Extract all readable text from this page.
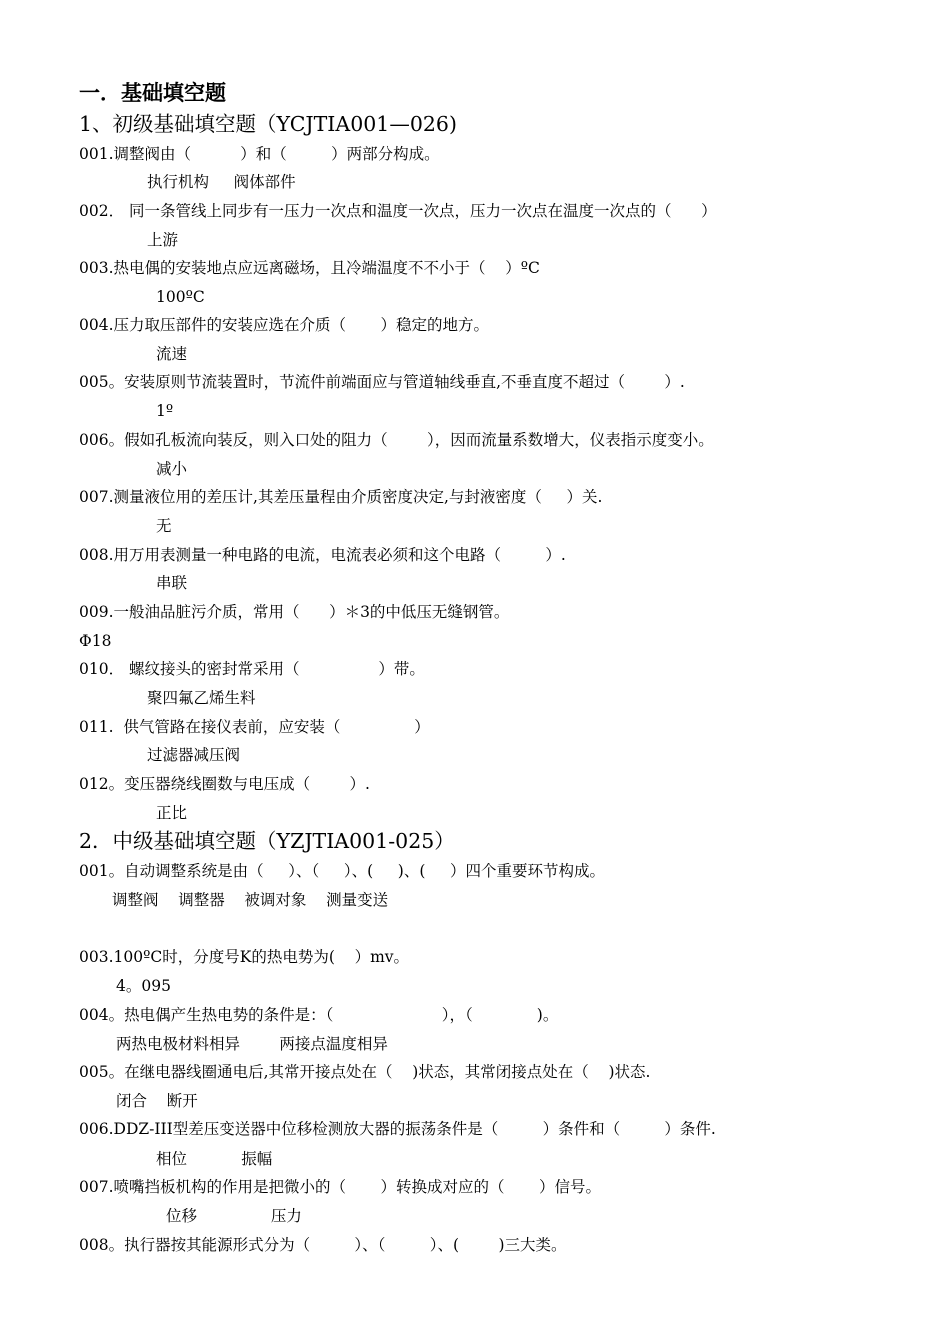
一．基础填空题
1、初级基础填空题（YCJTIA001—026)
001.调整阀由（          ）和（         ）两部分构成。
执行机构     阀体部件
002． 同一条管线上同步有一压力一次点和温度一次点，压力一次点在温度一次点的（      ）
上游
003.热电偶的安装地点应远离磁场，且冷端温度不不小于（    ）ºC
100ºC
004.压力取压部件的安装应选在介质（       ）稳定的地方。
流速
005。安装原则节流装置时，节流件前端面应与管道轴线垂直,不垂直度不超过（        ）.
1º
006。假如孔板流向装反，则入口处的阻力（        ），因而流量系数增大，仪表指示度变小。
减小
007.测量液位用的差压计,其差压量程由介质密度决定,与封液密度（     ）关.
无
008.用万用表测量一种电路的电流，电流表必须和这个电路（         ）.
串联
009.一般油品脏污介质，常用（      ）＊3的中低压无缝钢管。
Φ18
010． 螺纹接头的密封常采用（                ）带。
聚四氟乙烯生料
011.  供气管路在接仪表前，应安装（               ）
过滤器减压阀
012。变压器绕线圈数与电压成（        ）.
正比
2．中级基础填空题（YZJTIA001-025）
001。自动调整系统是由（     ）、（     ）、(     )、(     ）四个重要环节构成。
调整阀    调整器    被调对象    测量变送
003.100ºC时，分度号K的热电势为(    ）mv。
4。095
004。热电偶产生热电势的条件是：（                      ），（             )。
两热电极材料相异        两接点温度相异
005。在继电器线圈通电后,其常开接点处在（    )状态，其常闭接点处在（    )状态.
闭合    断开
006.DDZ-III型差压变送器中位移检测放大器的振荡条件是（         ）条件和（         ）条件.
相位           振幅
007.喷嘴挡板机构的作用是把微小的（       ）转换成对应的（       ）信号。
位移               压力
008。执行器按其能源形式分为（         ）、（         ）、(        )三大类。
